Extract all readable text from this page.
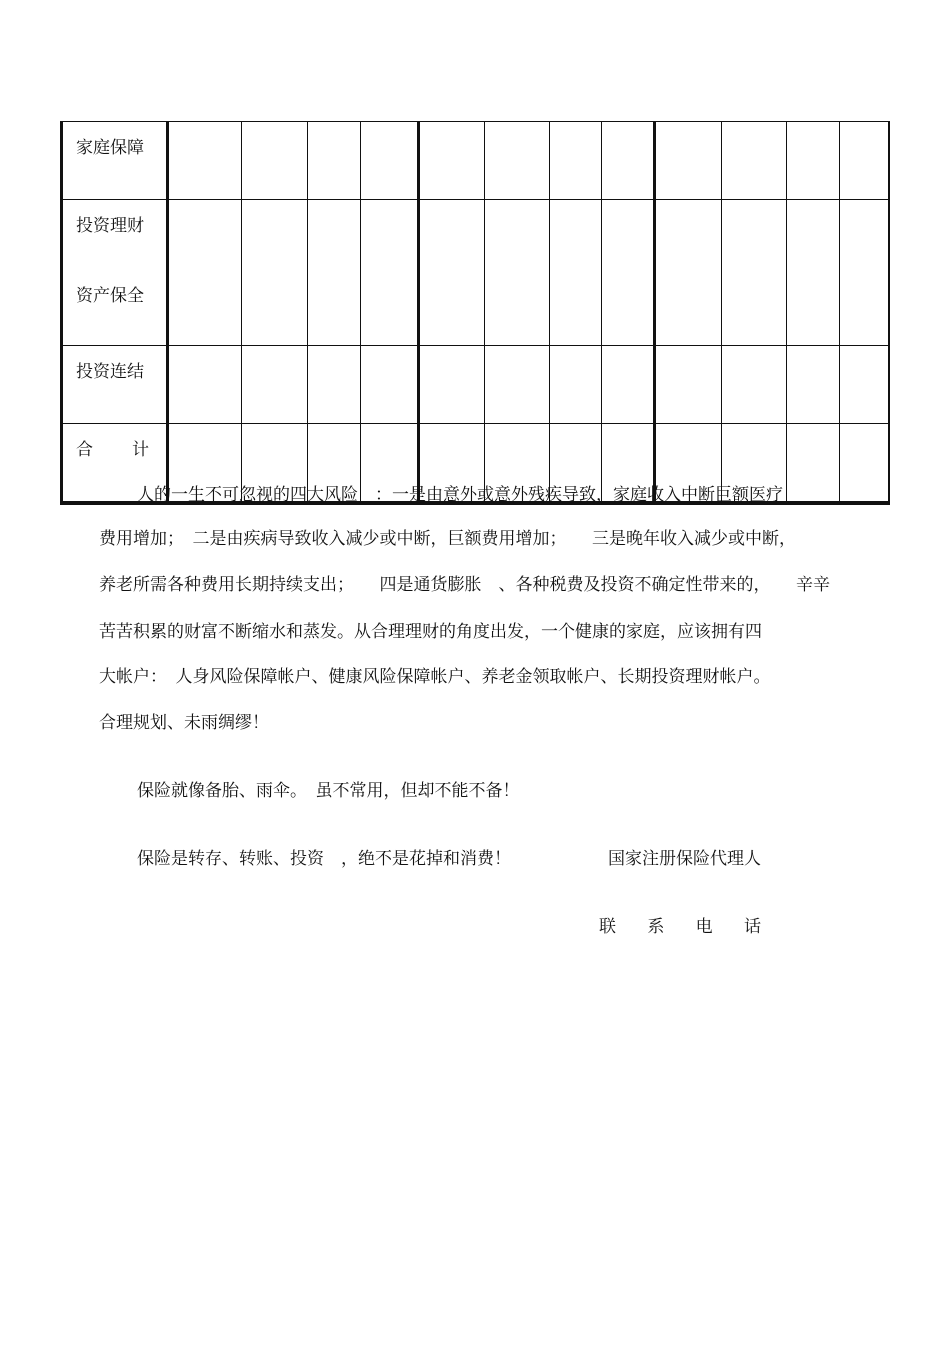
家庭保障												
投资理财
资产保全												

投资连结												

合 计												

人的一生不可忽视的四大风险　：一是由意外或意外残疾导致，家庭收入中断巨额医疗

费用增加；　二是由疾病导致收入减少或中断，巨额费用增加；　　三是晚年收入减少或中断，

养老所需各种费用长期持续支出；　　四是通货膨胀　、各种税费及投资不确定性带来的，　　辛辛

苦苦积累的财富不断缩水和蒸发。从合理理财的角度出发，一个健康的家庭，应该拥有四

大帐户：　人身风险保障帐户、健康风险保障帐户、养老金领取帐户、长期投资理财帐户。

合理规划、未雨绸缪！

保险就像备胎、雨伞。　虽不常用，但却不能不备！

保险是转存、转账、投资　，绝不是花掉和消费！	国家注册保险代理人

联 系 电 话
